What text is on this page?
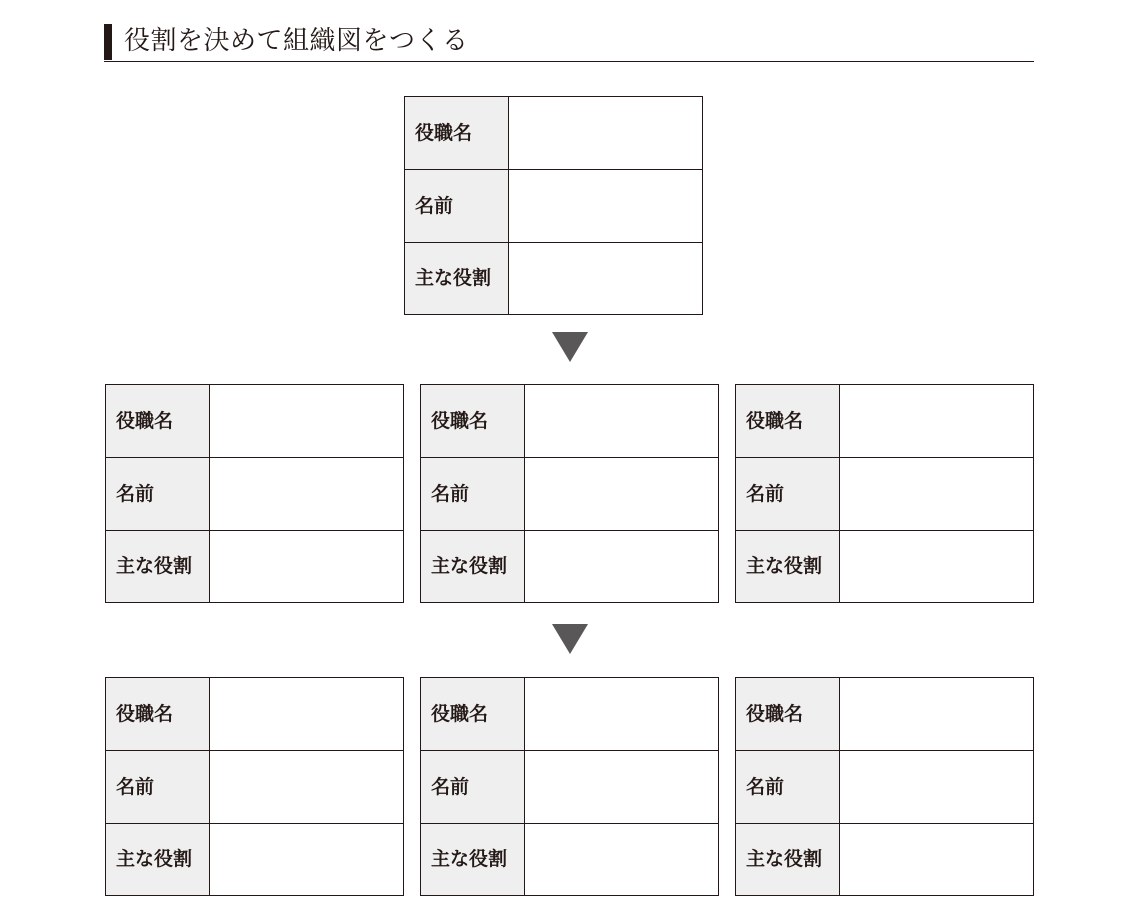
役割を決めて組織図をつくる
役職名
名前
主な役割
役職名
名前
主な役割
役職名
名前
主な役割
役職名
名前
主な役割
役職名
名前
主な役割
役職名
名前
主な役割
役職名
名前
主な役割
